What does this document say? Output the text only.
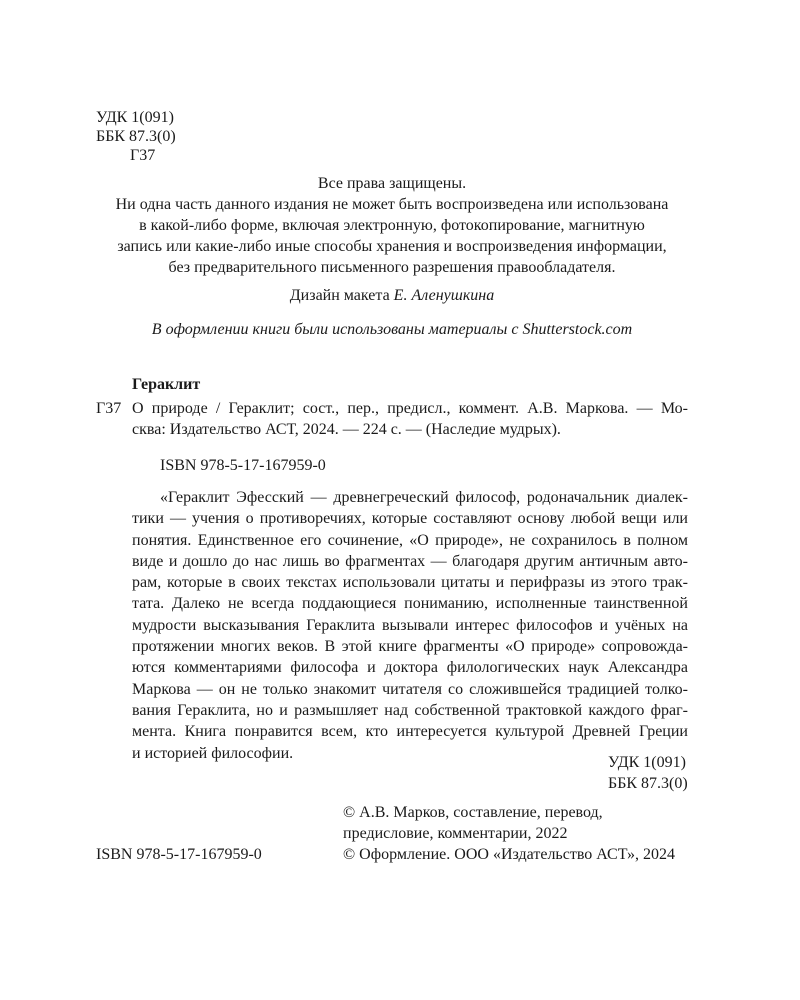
УДК 1(091)
ББК 87.3(0)
Г37
Все права защищены.
Ни одна часть данного издания не может быть воспроизведена или использована
в какой-либо форме, включая электронную, фотокопирование, магнитную
запись или какие-либо иные способы хранения и воспроизведения информации,
без предварительного письменного разрешения правообладателя.
Дизайн макета Е. Аленушкина
В оформлении книги были использованы материалы с Shutterstock.com
Гераклит
Г37 О природе / Гераклит; сост., пер., предисл., коммент. А.В. Маркова. — Мо-
сква: Издательство АСТ, 2024. — 224 с. — (Наследие мудрых).
ISBN 978-5-17-167959-0
«Гераклит Эфесский — древнегреческий философ, родоначальник диалек-
тики — учения о противоречиях, которые составляют основу любой вещи или
понятия. Единственное его сочинение, «О природе», не сохранилось в полном
виде и дошло до нас лишь во фрагментах — благодаря другим античным авто-
рам, которые в своих текстах использовали цитаты и перифразы из этого трак-
тата. Далеко не всегда поддающиеся пониманию, исполненные таинственной
мудрости высказывания Гераклита вызывали интерес философов и учёных на
протяжении многих веков. В этой книге фрагменты «О природе» сопровожда-
ются комментариями философа и доктора филологических наук Александра
Маркова — он не только знакомит читателя со сложившейся традицией толко-
вания Гераклита, но и размышляет над собственной трактовкой каждого фраг-
мента. Книга понравится всем, кто интересуется культурой Древней Греции
и историей философии.
УДК 1(091)
ББК 87.3(0)
© А.В. Марков, составление, перевод,
предисловие, комментарии, 2022
© Оформление. ООО «Издательство АСТ», 2024
ISBN 978-5-17-167959-0
